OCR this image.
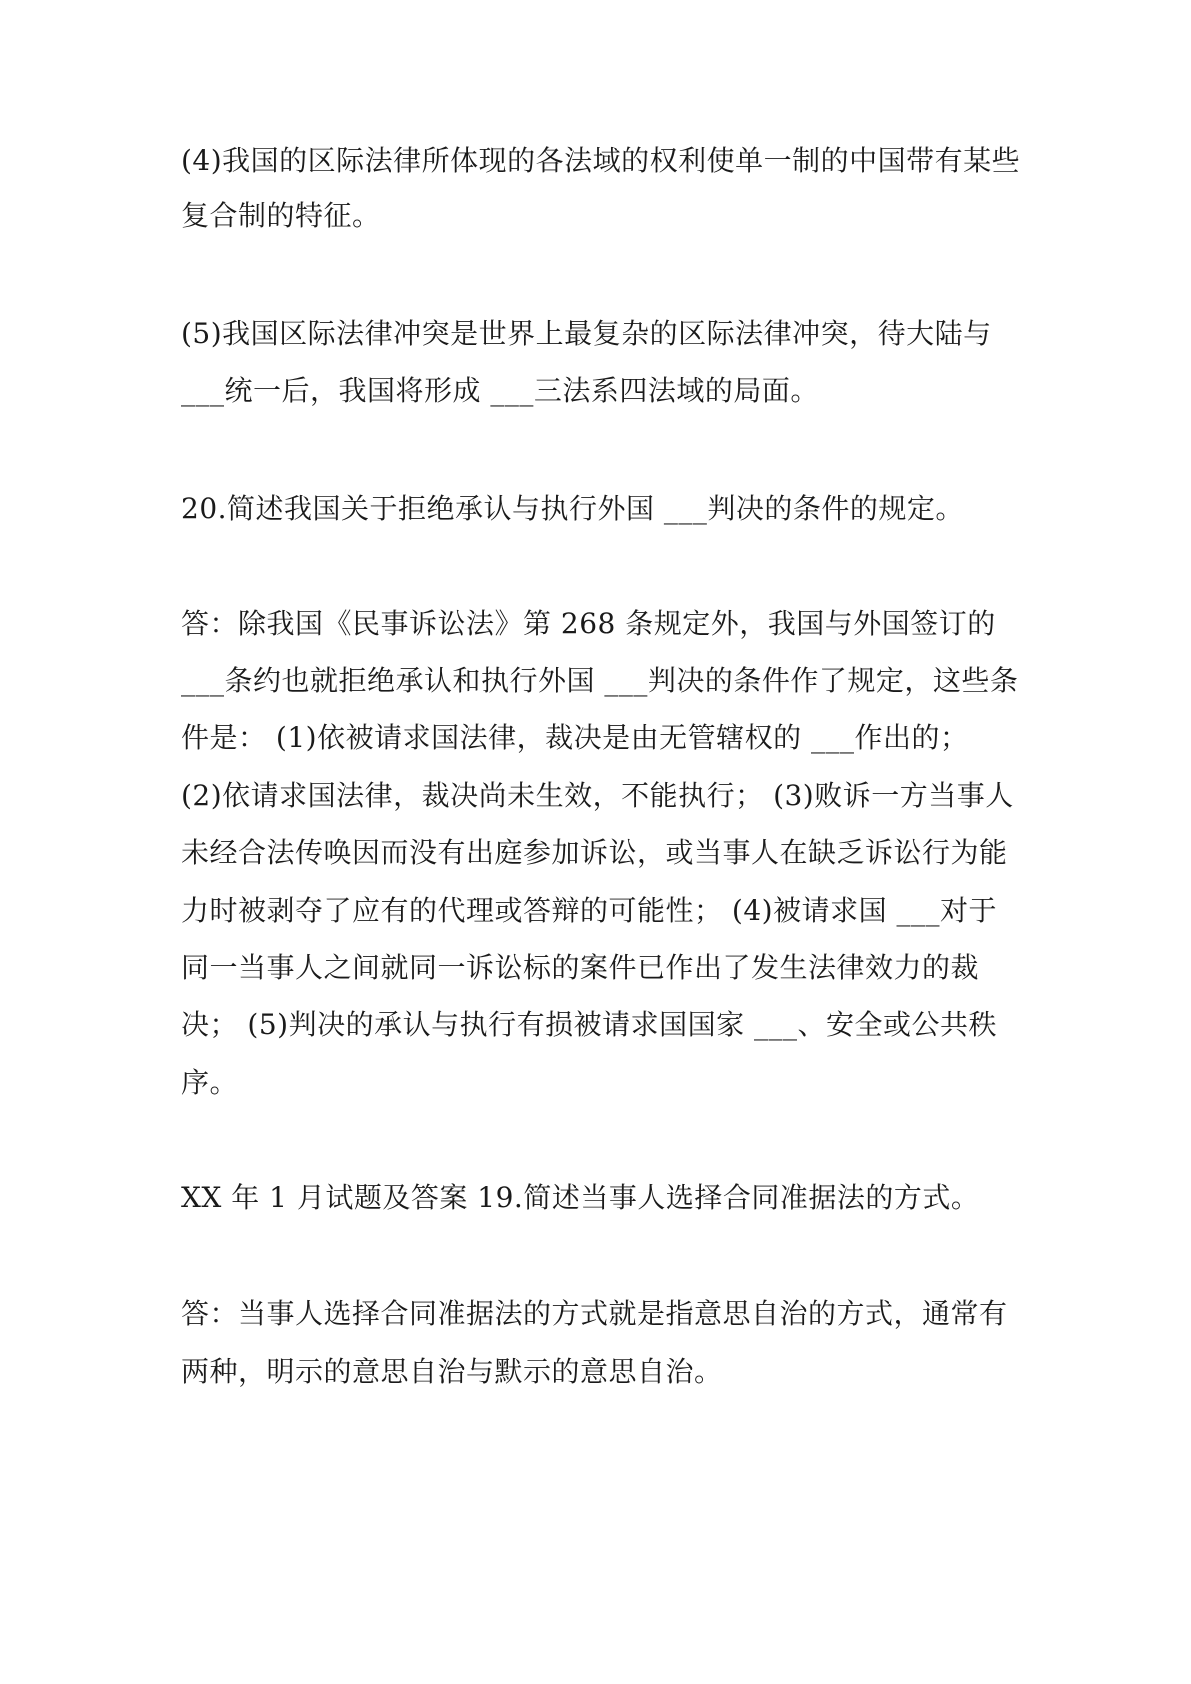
(4)我国的区际法律所体现的各法域的权利使单一制的中国带有某些
复合制的特征。
(5)我国区际法律冲突是世界上最复杂的区际法律冲突，待大陆与
___统一后，我国将形成 ___三法系四法域的局面。
20.简述我国关于拒绝承认与执行外国 ___判决的条件的规定。
答：除我国《民事诉讼法》第 268 条规定外，我国与外国签订的
___条约也就拒绝承认和执行外国 ___判决的条件作了规定，这些条
件是： (1)依被请求国法律，裁决是由无管辖权的 ___作出的；
(2)依请求国法律，裁决尚未生效，不能执行； (3)败诉一方当事人
未经合法传唤因而没有出庭参加诉讼，或当事人在缺乏诉讼行为能
力时被剥夺了应有的代理或答辩的可能性； (4)被请求国 ___对于
同一当事人之间就同一诉讼标的案件已作出了发生法律效力的裁
决； (5)判决的承认与执行有损被请求国国家 ___、安全或公共秩
序。
XX 年 1 月试题及答案 19.简述当事人选择合同准据法的方式。
答：当事人选择合同准据法的方式就是指意思自治的方式，通常有
两种，明示的意思自治与默示的意思自治。
